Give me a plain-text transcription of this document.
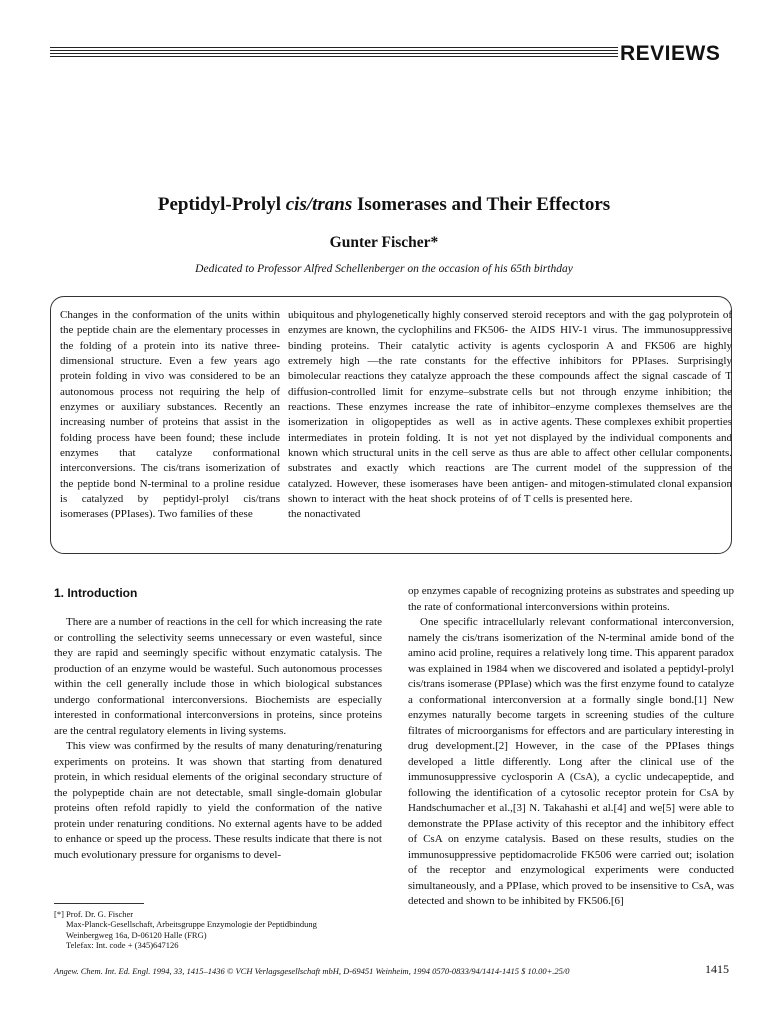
REVIEWS
Peptidyl-Prolyl cis/trans Isomerases and Their Effectors
Gunter Fischer*
Dedicated to Professor Alfred Schellenberger on the occasion of his 65th birthday
Changes in the conformation of the units within the peptide chain are the elementary processes in the folding of a protein into its native three-dimensional structure. Even a few years ago protein folding in vivo was considered to be an autonomous process not requiring the help of enzymes or auxiliary substances. Recently an increasing number of proteins that assist in the folding process have been found; these include enzymes that catalyze conformational interconversions. The cis/trans isomerization of the peptide bond N-terminal to a proline residue is catalyzed by peptidyl-prolyl cis/trans isomerases (PPIases). Two families of these
ubiquitous and phylogenetically highly conserved enzymes are known, the cyclophilins and FK506-binding proteins. Their catalytic activity is extremely high —the rate constants for the bimolecular reactions they catalyze approach the diffusion-controlled limit for enzyme–substrate reactions. These enzymes increase the rate of isomerization in oligopeptides as well as in intermediates in protein folding. It is not yet known which structural units in the cell serve as substrates and exactly which reactions are catalyzed. However, these isomerases have been shown to interact with the heat shock proteins of the nonactivated
steroid receptors and with the gag polyprotein of the AIDS HIV-1 virus. The immunosuppressive agents cyclosporin A and FK506 are highly effective inhibitors for PPIases. Surprisingly these compounds affect the signal cascade of T cells but not through enzyme inhibition; the inhibitor–enzyme complexes themselves are the active agents. These complexes exhibit properties not displayed by the individual components and thus are able to affect other cellular components. The current model of the suppression of the antigen- and mitogen-stimulated clonal expansion of T cells is presented here.
1. Introduction

There are a number of reactions in the cell for which increasing the rate or controlling the selectivity seems unnecessary or even wasteful, since they are rapid and seemingly specific without enzymatic catalysis. The production of an enzyme would be wasteful. Such autonomous processes within the cell generally include those in which biological substances undergo conformational interconversions. Biochemists are especially interested in conformational interconversions in proteins, since proteins are the central regulatory elements in living systems.

This view was confirmed by the results of many denaturing/renaturing experiments on proteins. It was shown that starting from denatured protein, in which residual elements of the original secondary structure of the polypeptide chain are not detectable, small single-domain globular proteins often refold rapidly to yield the conformation of the native protein under renaturing conditions. No external agents have to be added to enhance or speed up the process. These results indicate that there is not much evolutionary pressure for organisms to devel-

op enzymes capable of recognizing proteins as substrates and speeding up the rate of conformational interconversions within proteins.

One specific intracellularly relevant conformational interconversion, namely the cis/trans isomerization of the N-terminal amide bond of the amino acid proline, requires a relatively long time. This apparent paradox was explained in 1984 when we discovered and isolated a peptidyl-prolyl cis/trans isomerase (PPIase) which was the first enzyme found to catalyze a conformational interconversion at a formally single bond.[1] New enzymes naturally become targets in screening studies of the culture filtrates of microorganisms for effectors and are particulary interesting in drug development.[2] However, in the case of the PPIases things developed a little differently. Long after the clinical use of the immunosuppressive cyclosporin A (CsA), a cyclic undecapeptide, and following the identification of a cytosolic receptor protein for CsA by Handschumacher et al.,[3] N. Takahashi et al.[4] and we[5] were able to demonstrate the PPIase activity of this receptor and the inhibitory effect of CsA on enzyme catalysis. Based on these results, studies on the immunosuppressive peptidomacrolide FK506 were carried out; isolation of the receptor and enzymological experiments were conducted simultaneously, and a PPIase, which proved to be insensitive to CsA, was detected and shown to be inhibited by FK506.[6]

[*] Prof. Dr. G. Fischer
Max-Planck-Gesellschaft, Arbeitsgruppe Enzymologie der Peptidbindung
Weinbergweg 16a, D-06120 Halle (FRG)
Telefax: Int. code + (345)647126
Angew. Chem. Int. Ed. Engl. 1994, 33, 1415–1436 © VCH Verlagsgesellschaft mbH, D-69451 Weinheim, 1994 0570-0833/94/1414-1415 $ 10.00+.25/0	1415
